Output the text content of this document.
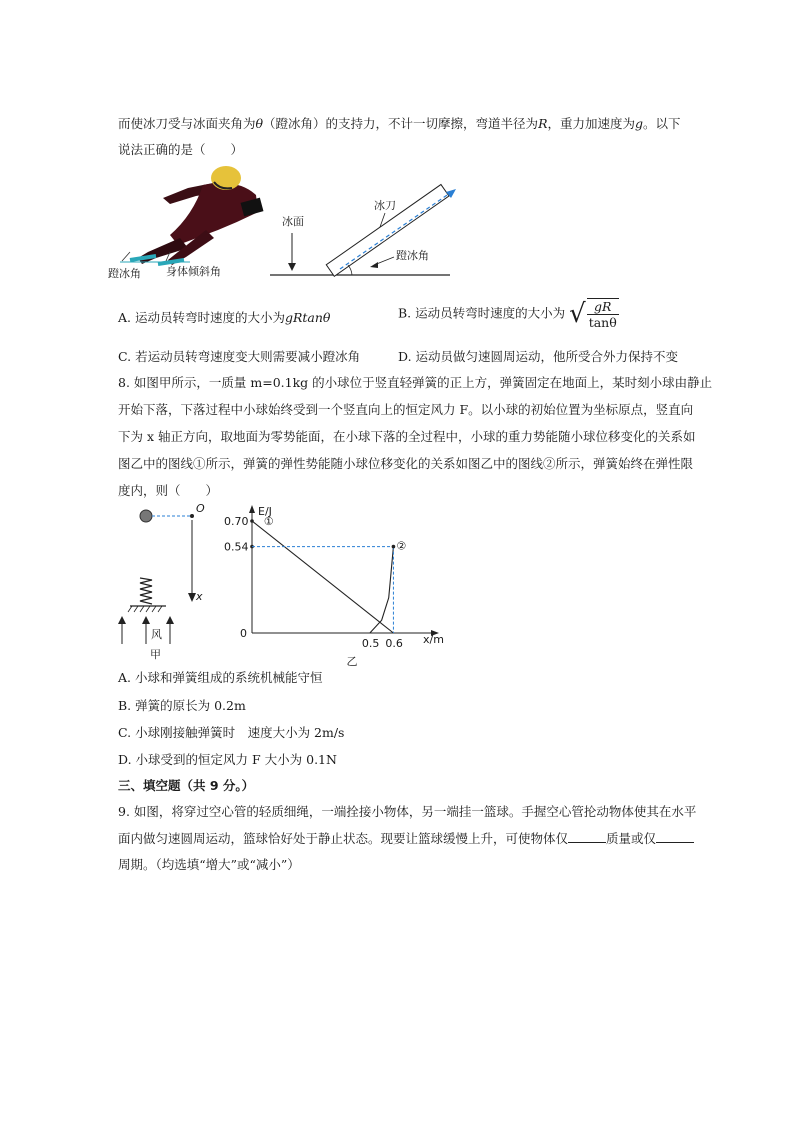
而使冰刀受与冰面夹角为θ（蹬冰角）的支持力，不计一切摩擦，弯道半径为R，重力加速度为g。以下
说法正确的是（　　）
蹬冰角 身体倾斜角
冰面
冰刀
蹬冰角
A. 运动员转弯时速度的大小为gRtanθ	B. 运动员转弯时速度的大小为 √ $\frac{gR}{\tan\theta}$
C. 若运动员转弯速度变大则需要减小蹬冰角	D. 运动员做匀速圆周运动，他所受合外力保持不变
8. 如图甲所示，一质量 m=0.1kg 的小球位于竖直轻弹簧的正上方，弹簧固定在地面上，某时刻小球由静止
开始下落，下落过程中小球始终受到一个竖直向上的恒定风力 F。以小球的初始位置为坐标原点，竖直向
下为 x 轴正方向，取地面为零势能面，在小球下落的全过程中，小球的重力势能随小球位移变化的关系如
图乙中的图线①所示，弹簧的弹性势能随小球位移变化的关系如图乙中的图线②所示，弹簧始终在弹性限
度内，则（　　）
O
x
风
甲
E/J
x/m
0
0.70
0.54
0.5 0.6
①
②
乙
A. 小球和弹簧组成的系统机械能守恒
B. 弹簧的原长为 0.2m
C. 小球刚接触弹簧时　速度大小为 2m/s
D. 小球受到的恒定风力 F 大小为 0.1N
三、填空题（共 9 分。）
9. 如图，将穿过空心管的轻质细绳，一端拴接小物体，另一端挂一篮球。手握空心管抡动物体使其在水平
面内做匀速圆周运动，篮球恰好处于静止状态。现要让篮球缓慢上升，可使物体仅	质量或仅
周期。（均选填“增大”或“减小”）
